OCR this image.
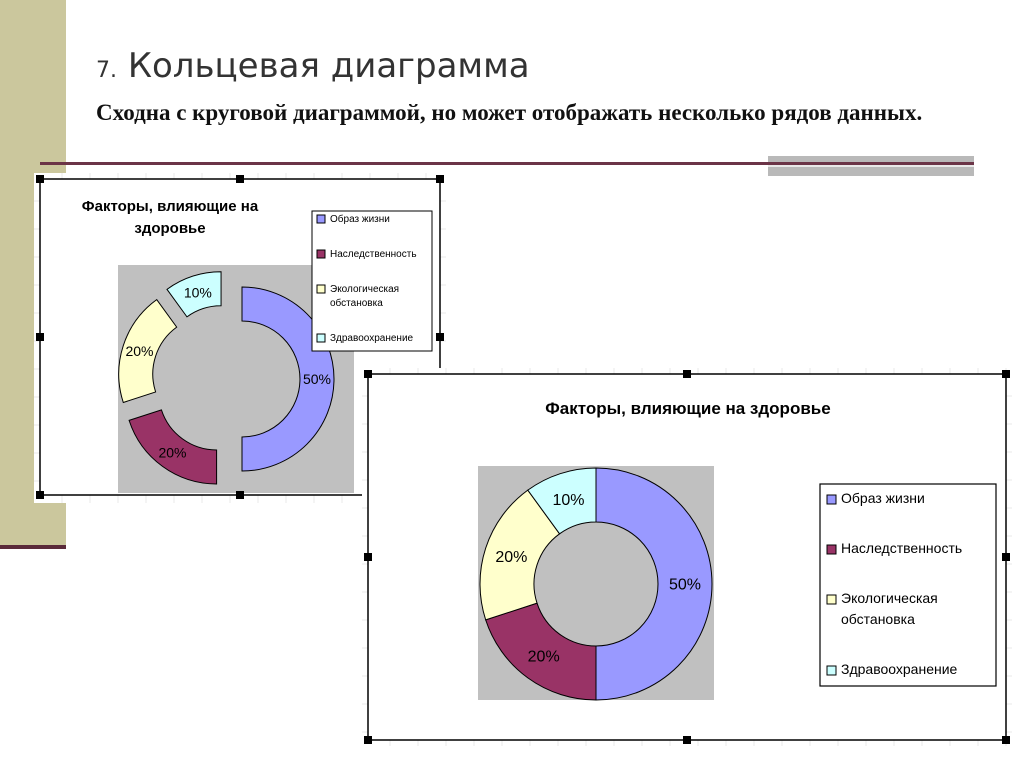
7. Кольцевая диаграмма

Сходна с круговой диаграммой, но может отображать несколько рядов данных.

Факторы, влияющие на
здоровье
50%
20%
20%
10%
Образ жизни
Наследственность
Экологическая
обстановка
Здравоохранение
Факторы, влияющие на здоровье
50%
20%
20%
10%	Образ жизни
Наследственность
Экологическая
обстановка
Здравоохранение
